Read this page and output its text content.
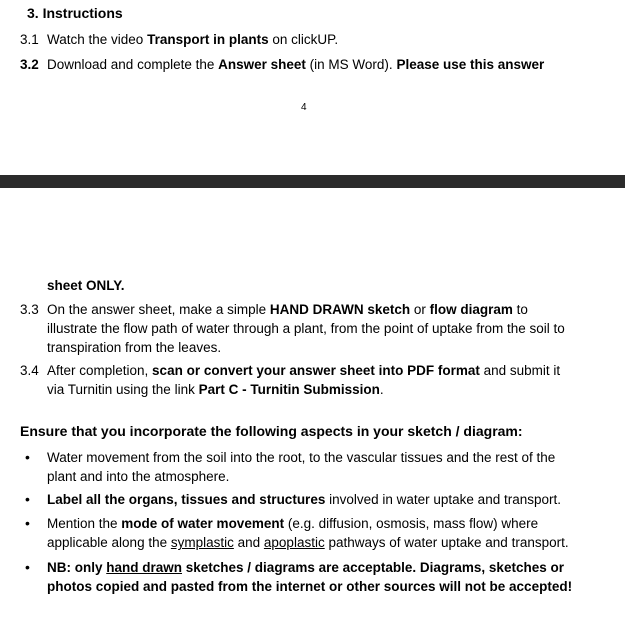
3. Instructions
3.1 Watch the video Transport in plants on clickUP.
3.2 Download and complete the Answer sheet (in MS Word). Please use this answer
4
sheet ONLY.
3.3 On the answer sheet, make a simple HAND DRAWN sketch or flow diagram to
illustrate the flow path of water through a plant, from the point of uptake from the soil to
transpiration from the leaves.
3.4 After completion, scan or convert your answer sheet into PDF format and submit it
via Turnitin using the link Part C - Turnitin Submission.
Ensure that you incorporate the following aspects in your sketch / diagram:
• Water movement from the soil into the root, to the vascular tissues and the rest of the
plant and into the atmosphere.
• Label all the organs, tissues and structures involved in water uptake and transport.
• Mention the mode of water movement (e.g. diffusion, osmosis, mass flow) where
applicable along the symplastic and apoplastic pathways of water uptake and transport.
• NB: only hand drawn sketches / diagrams are acceptable. Diagrams, sketches or
photos copied and pasted from the internet or other sources will not be accepted!
